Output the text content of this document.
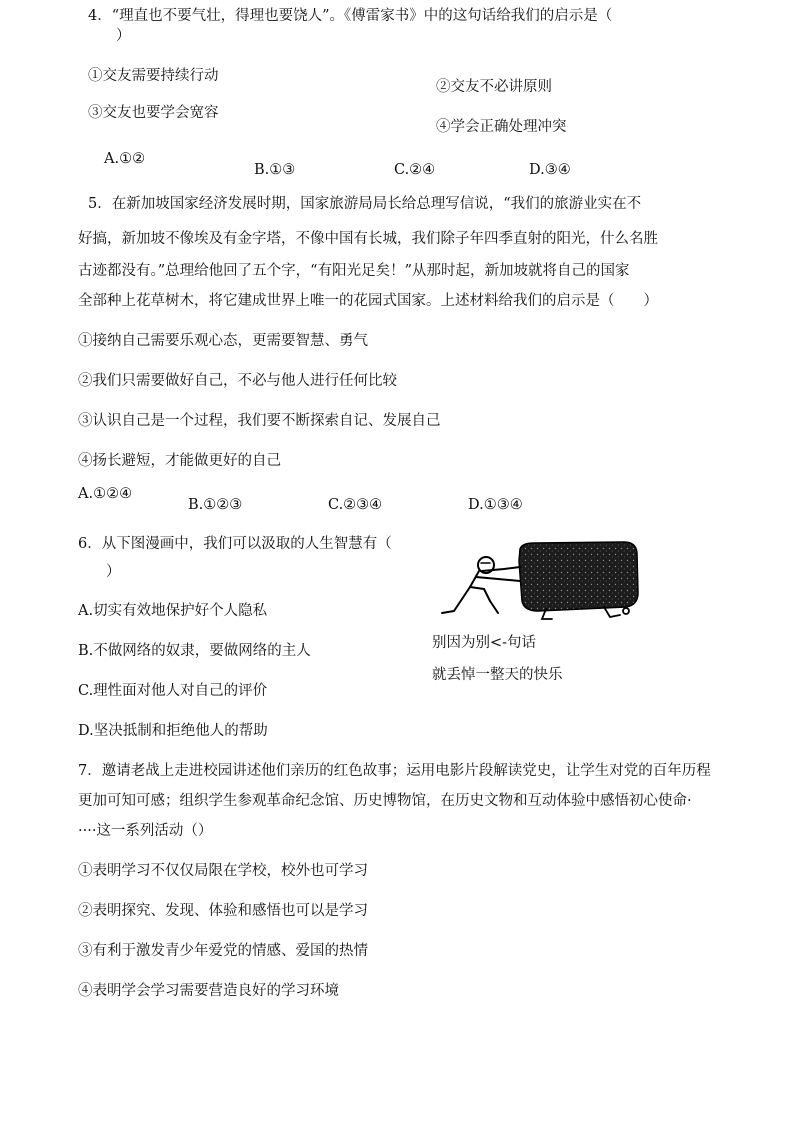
4．“理直也不要气壮，得理也要饶人”。《傅雷家书》中的这句话给我们的启示是（
）
①交友需要持续行动
②交友不必讲原则
③交友也要学会宽容
④学会正确处理冲突
A.①②
B.①③	C.②④	D.③④
5．在新加坡国家经济发展时期，国家旅游局局长给总理写信说，“我们的旅游业实在不
好搞，新加坡不像埃及有金字塔，不像中国有长城，我们除子年四季直射的阳光，什么名胜
古迹都没有。”总理给他回了五个字，“有阳光足矣！”从那时起，新加坡就将自己的国家
全部种上花草树木，将它建成世界上唯一的花园式国家。上述材料给我们的启示是（　　）
①接纳自己需要乐观心态，更需要智慧、勇气
②我们只需要做好自己，不必与他人进行任何比较
③认识自己是一个过程，我们要不断探索自记、发展自己
④扬长避短，才能做更好的自己
A.①②④
B.①②③	C.②③④	D.①③④
6．从下图漫画中，我们可以汲取的人生智慧有（
）
A.切实有效地保护好个人隐私
B.不做网络的奴隶，要做网络的主人
C.理性面对他人对自己的评价
D.坚决抵制和拒绝他人的帮助
别因为别<-句话
就丢悼一整天的快乐
7．邀请老战上走进校园讲述他们亲历的红色故事；运用电影片段解读党史，让学生对党的百年历程
更加可知可感；组织学生参观革命纪念馆、历史博物馆，在历史文物和互动体验中感悟初心使命·
····这一系列活动（）
①表明学习不仅仅局限在学校，校外也可学习
②表明探究、发现、体验和感悟也可以是学习
③有利于激发青少年爱党的情感、爱国的热情
④表明学会学习需要营造良好的学习环境
